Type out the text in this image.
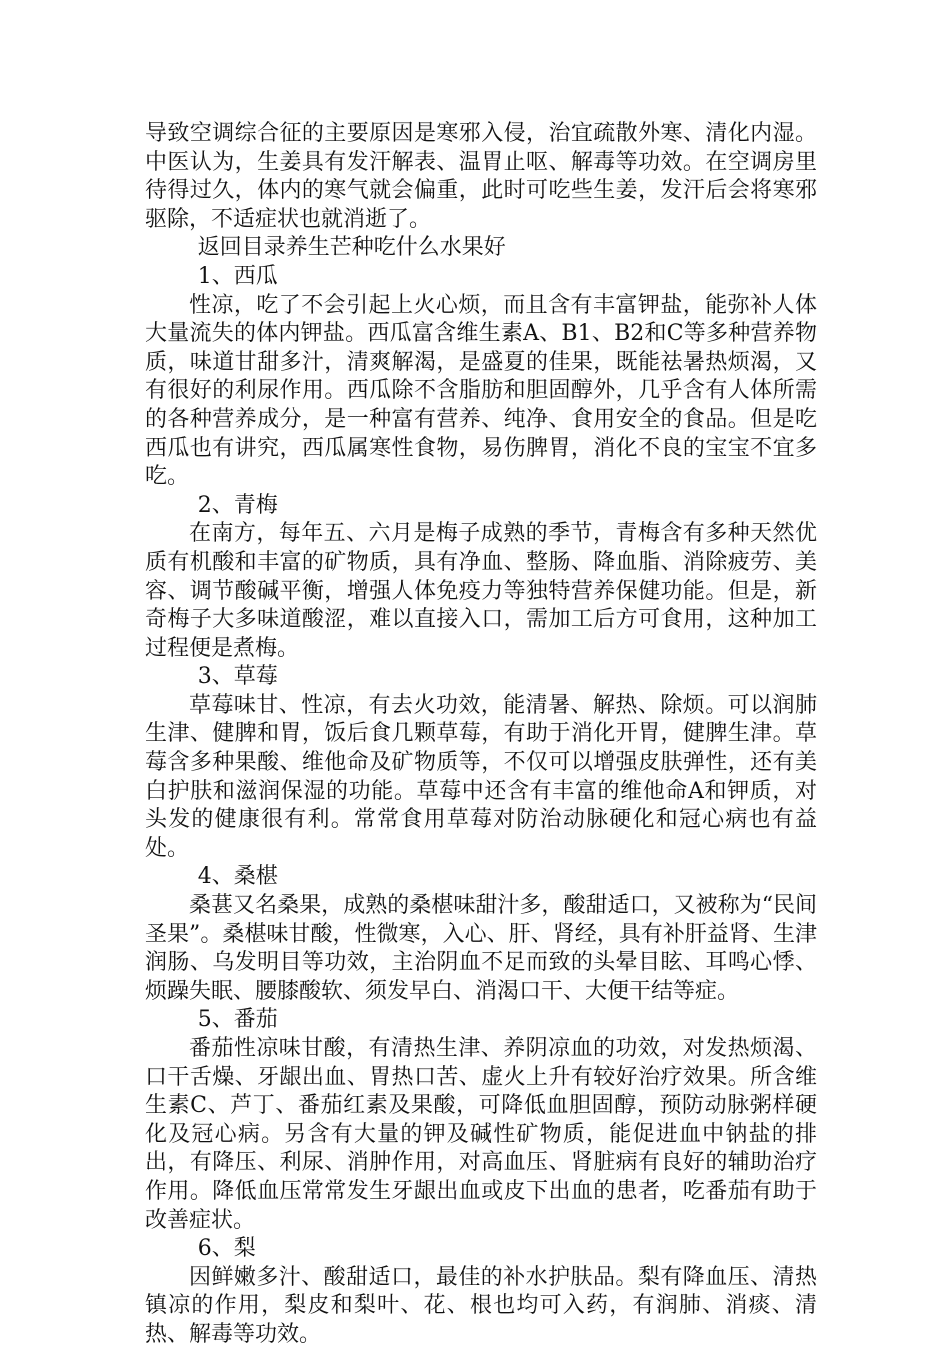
导致空调综合征的主要原因是寒邪入侵，治宜疏散外寒、清化内湿。中医认为，生姜具有发汗解表、温胃止呕、解毒等功效。在空调房里待得过久，体内的寒气就会偏重，此时可吃些生姜，发汗后会将寒邪驱除，不适症状也就消逝了。

返回目录养生芒种吃什么水果好

1、西瓜

性凉，吃了不会引起上火心烦，而且含有丰富钾盐，能弥补人体大量流失的体内钾盐。西瓜富含维生素A、B1、B2和C等多种营养物质，味道甘甜多汁，清爽解渴，是盛夏的佳果，既能祛暑热烦渴，又有很好的利尿作用。西瓜除不含脂肪和胆固醇外，几乎含有人体所需的各种营养成分，是一种富有营养、纯净、食用安全的食品。但是吃西瓜也有讲究，西瓜属寒性食物，易伤脾胃，消化不良的宝宝不宜多吃。

2、青梅

在南方，每年五、六月是梅子成熟的季节，青梅含有多种天然优质有机酸和丰富的矿物质，具有净血、整肠、降血脂、消除疲劳、美容、调节酸碱平衡，增强人体免疫力等独特营养保健功能。但是，新奇梅子大多味道酸涩，难以直接入口，需加工后方可食用，这种加工过程便是煮梅。

3、草莓

草莓味甘、性凉，有去火功效，能清暑、解热、除烦。可以润肺生津、健脾和胃，饭后食几颗草莓，有助于消化开胃，健脾生津。草莓含多种果酸、维他命及矿物质等，不仅可以增强皮肤弹性，还有美白护肤和滋润保湿的功能。草莓中还含有丰富的维他命A和钾质，对头发的健康很有利。常常食用草莓对防治动脉硬化和冠心病也有益处。

4、桑椹

桑葚又名桑果，成熟的桑椹味甜汁多，酸甜适口，又被称为“民间圣果”。桑椹味甘酸，性微寒，入心、肝、肾经，具有补肝益肾、生津润肠、乌发明目等功效，主治阴血不足而致的头晕目眩、耳鸣心悸、烦躁失眠、腰膝酸软、须发早白、消渴口干、大便干结等症。

5、番茄

番茄性凉味甘酸，有清热生津、养阴凉血的功效，对发热烦渴、口干舌燥、牙龈出血、胃热口苦、虚火上升有较好治疗效果。所含维生素C、芦丁、番茄红素及果酸，可降低血胆固醇，预防动脉粥样硬化及冠心病。另含有大量的钾及碱性矿物质，能促进血中钠盐的排出，有降压、利尿、消肿作用，对高血压、肾脏病有良好的辅助治疗作用。降低血压常常发生牙龈出血或皮下出血的患者，吃番茄有助于改善症状。

6、梨

因鲜嫩多汁、酸甜适口，最佳的补水护肤品。梨有降血压、清热镇凉的作用，梨皮和梨叶、花、根也均可入药，有润肺、消痰、清热、解毒等功效。
